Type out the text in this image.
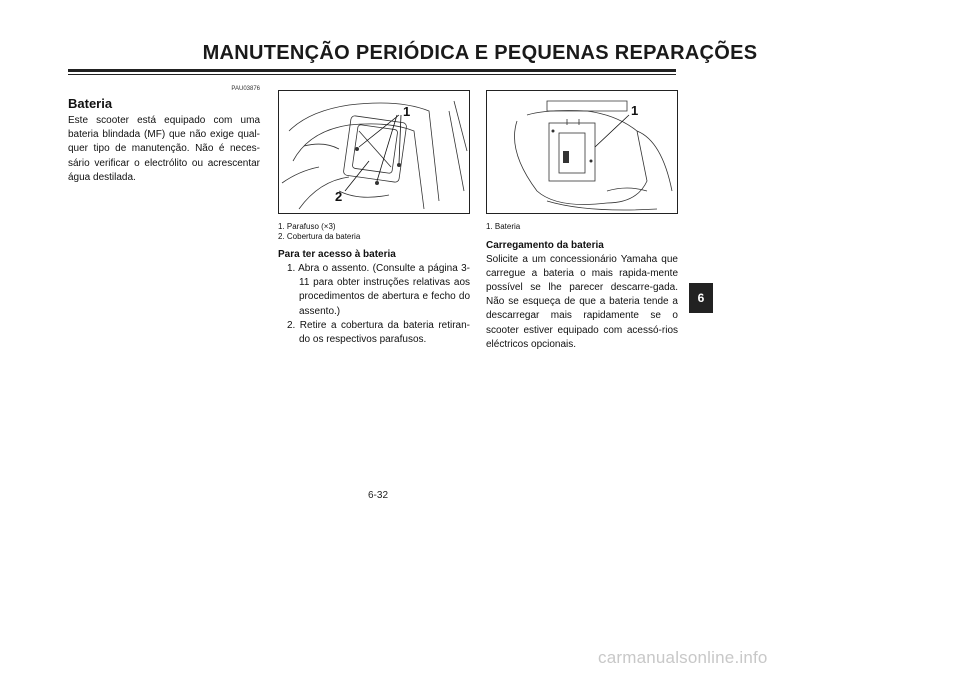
MANUTENÇÃO PERIÓDICA E PEQUENAS REPARAÇÕES
PAU03876
Bateria

Este scooter está equipado com uma bateria blindada (MF) que não exige qual-quer tipo de manutenção. Não é neces-sário verificar o electrólito ou acrescentar água destilada.

1
2
1. Parafuso (×3)
2. Cobertura da bateria
Para ter acesso à bateria
1. Abra o assento. (Consulte a página 3-11 para obter instruções relativas aos procedimentos de abertura e fecho do assento.)
2. Retire a cobertura da bateria retiran-do os respectivos parafusos.
1
1. Bateria
Carregamento da bateria

Solicite a um concessionário Yamaha que carregue a bateria o mais rapida-mente possível se lhe parecer descarre-gada. Não se esqueça de que a bateria tende a descarregar mais rapidamente se o scooter estiver equipado com acessó-rios eléctricos opcionais.

6-32
6
carmanualsonline.info
